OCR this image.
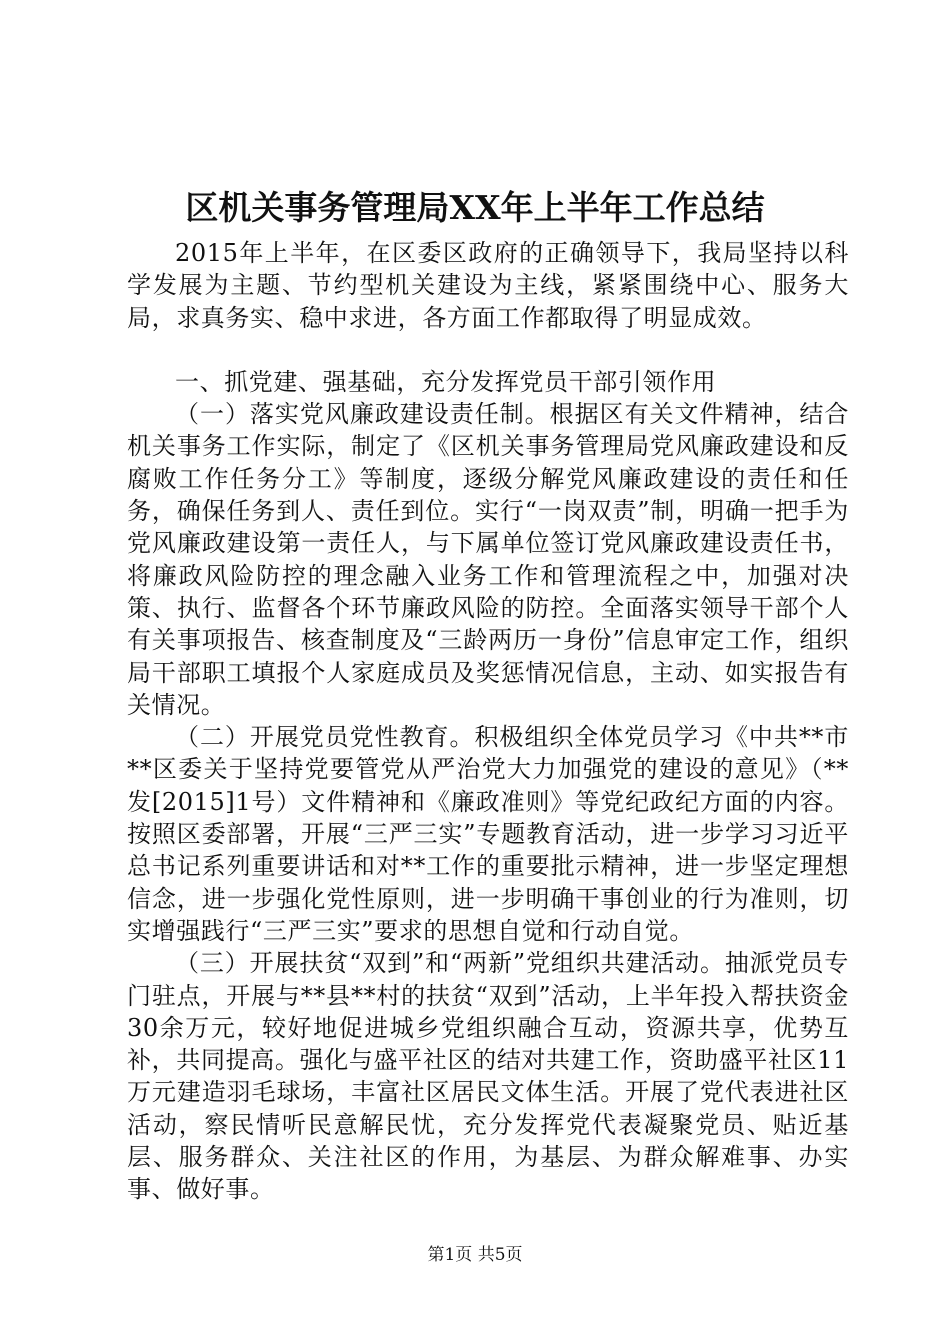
区机关事务管理局XX年上半年工作总结

2015年上半年，在区委区政府的正确领导下，我局坚持以科学发展为主题、节约型机关建设为主线，紧紧围绕中心、服务大局，求真务实、稳中求进，各方面工作都取得了明显成效。

一、抓党建、强基础，充分发挥党员干部引领作用

（一）落实党风廉政建设责任制。根据区有关文件精神，结合机关事务工作实际，制定了《区机关事务管理局党风廉政建设和反腐败工作任务分工》等制度，逐级分解党风廉政建设的责任和任务，确保任务到人、责任到位。实行“一岗双责”制，明确一把手为党风廉政建设第一责任人，与下属单位签订党风廉政建设责任书，将廉政风险防控的理念融入业务工作和管理流程之中，加强对决策、执行、监督各个环节廉政风险的防控。全面落实领导干部个人有关事项报告、核查制度及“三龄两历一身份”信息审定工作，组织局干部职工填报个人家庭成员及奖惩情况信息，主动、如实报告有关情况。

（二）开展党员党性教育。积极组织全体党员学习《中共**市**区委关于坚持党要管党从严治党大力加强党的建设的意见》（**发[2015]1号）文件精神和《廉政准则》等党纪政纪方面的内容。按照区委部署，开展“三严三实”专题教育活动，进一步学习习近平总书记系列重要讲话和对**工作的重要批示精神，进一步坚定理想信念，进一步强化党性原则，进一步明确干事创业的行为准则，切实增强践行“三严三实”要求的思想自觉和行动自觉。

（三）开展扶贫“双到”和“两新”党组织共建活动。抽派党员专门驻点，开展与**县**村的扶贫“双到”活动，上半年投入帮扶资金30余万元，较好地促进城乡党组织融合互动，资源共享，优势互补，共同提高。强化与盛平社区的结对共建工作，资助盛平社区11万元建造羽毛球场，丰富社区居民文体生活。开展了党代表进社区活动，察民情听民意解民忧，充分发挥党代表凝聚党员、贴近基层、服务群众、关注社区的作用，为基层、为群众解难事、办实事、做好事。

第1页 共5页
